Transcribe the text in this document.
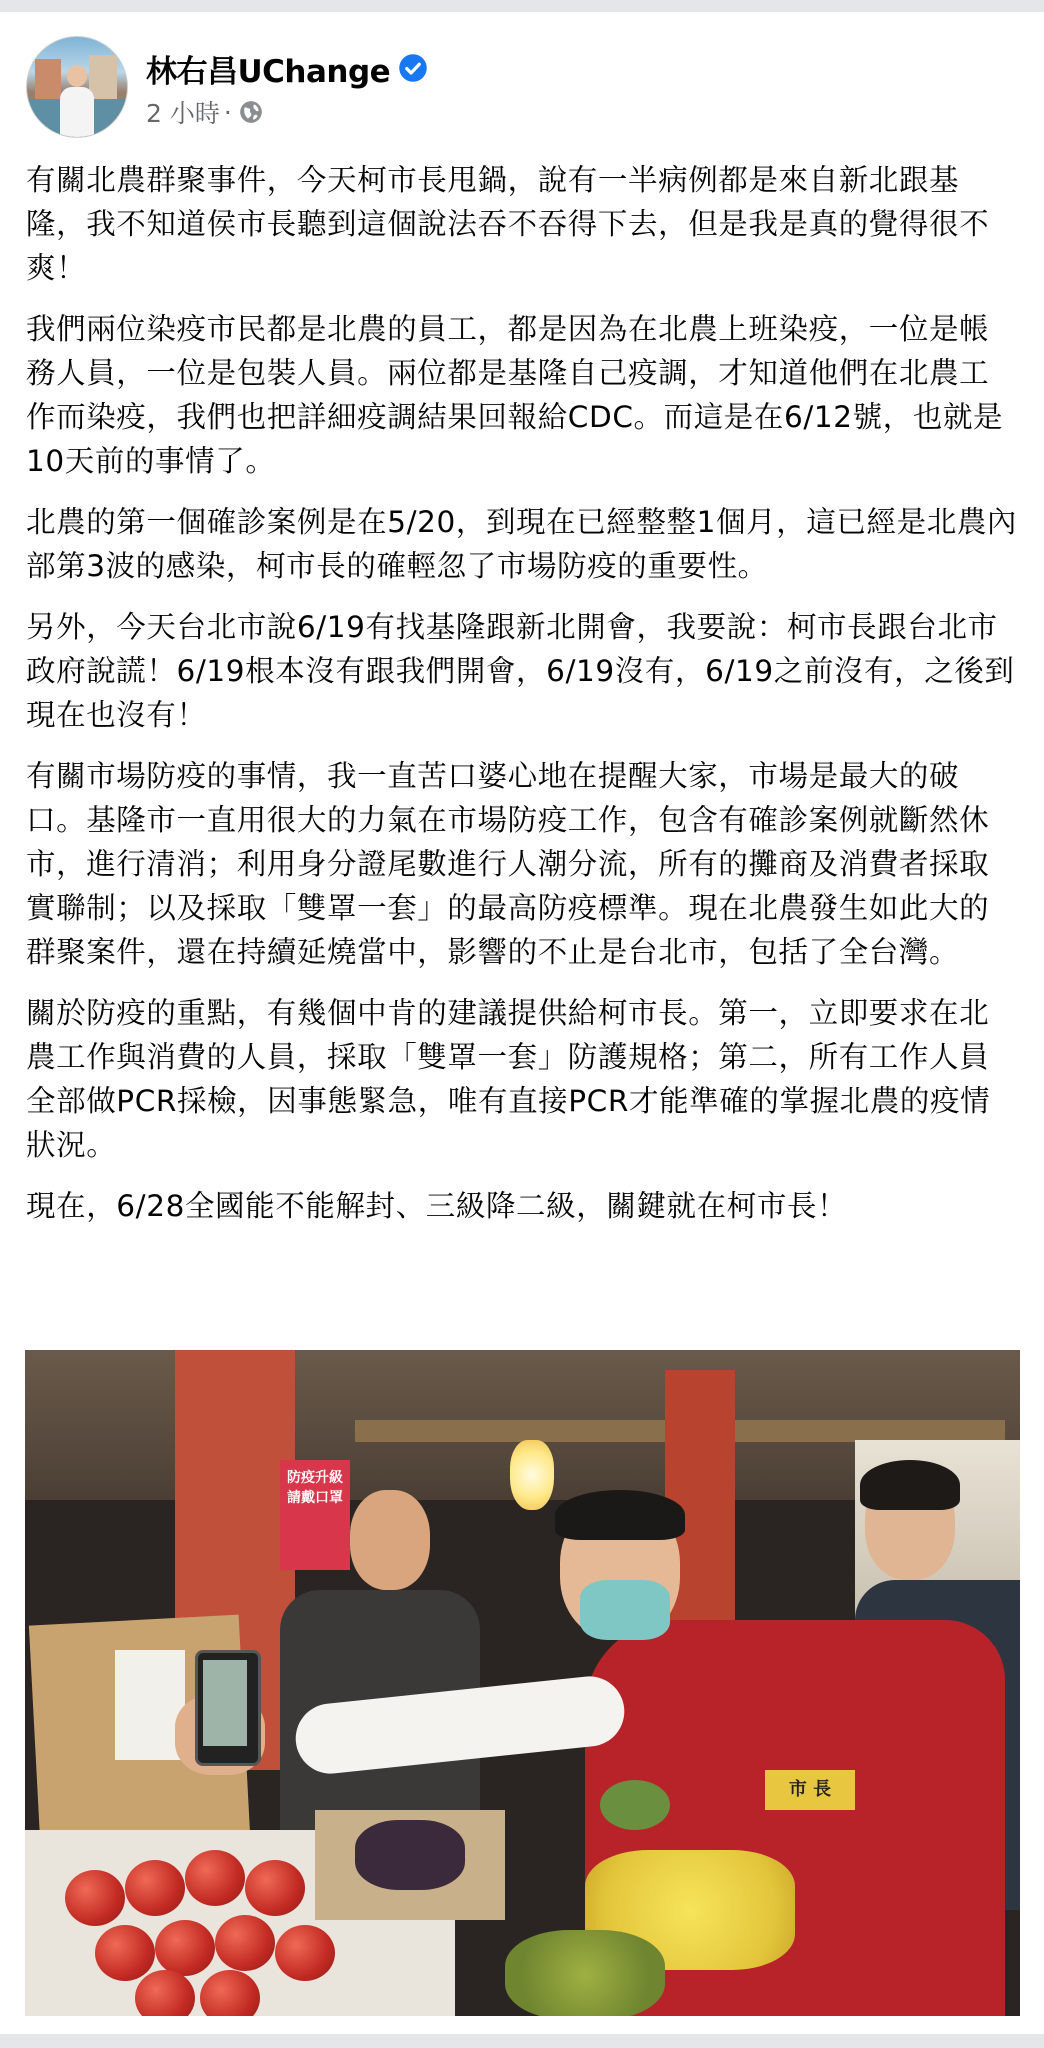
林右昌UChange
2 小時 ·

有關北農群聚事件，今天柯市長甩鍋，說有一半病例都是來自新北跟基隆，我不知道侯市長聽到這個說法吞不吞得下去，但是我是真的覺得很不爽！

我們兩位染疫市民都是北農的員工，都是因為在北農上班染疫，一位是帳務人員，一位是包裝人員。兩位都是基隆自己疫調，才知道他們在北農工作而染疫，我們也把詳細疫調結果回報給CDC。而這是在6/12號，也就是10天前的事情了。

北農的第一個確診案例是在5/20，到現在已經整整1個月，這已經是北農內部第3波的感染，柯市長的確輕忽了市場防疫的重要性。

另外，今天台北市說6/19有找基隆跟新北開會，我要說：柯市長跟台北市政府說謊！6/19根本沒有跟我們開會，6/19沒有，6/19之前沒有，之後到現在也沒有！

有關市場防疫的事情，我一直苦口婆心地在提醒大家，市場是最大的破口。基隆市一直用很大的力氣在市場防疫工作，包含有確診案例就斷然休市，進行清消；利用身分證尾數進行人潮分流，所有的攤商及消費者採取實聯制；以及採取「雙罩一套」的最高防疫標準。現在北農發生如此大的群聚案件，還在持續延燒當中，影響的不止是台北市，包括了全台灣。

關於防疫的重點，有幾個中肯的建議提供給柯市長。第一，立即要求在北農工作與消費的人員，採取「雙罩一套」防護規格；第二，所有工作人員全部做PCR採檢，因事態緊急，唯有直接PCR才能準確的掌握北農的疫情狀況。

現在，6/28全國能不能解封、三級降二級，關鍵就在柯市長！

防疫升級 請戴口罩
市 長
